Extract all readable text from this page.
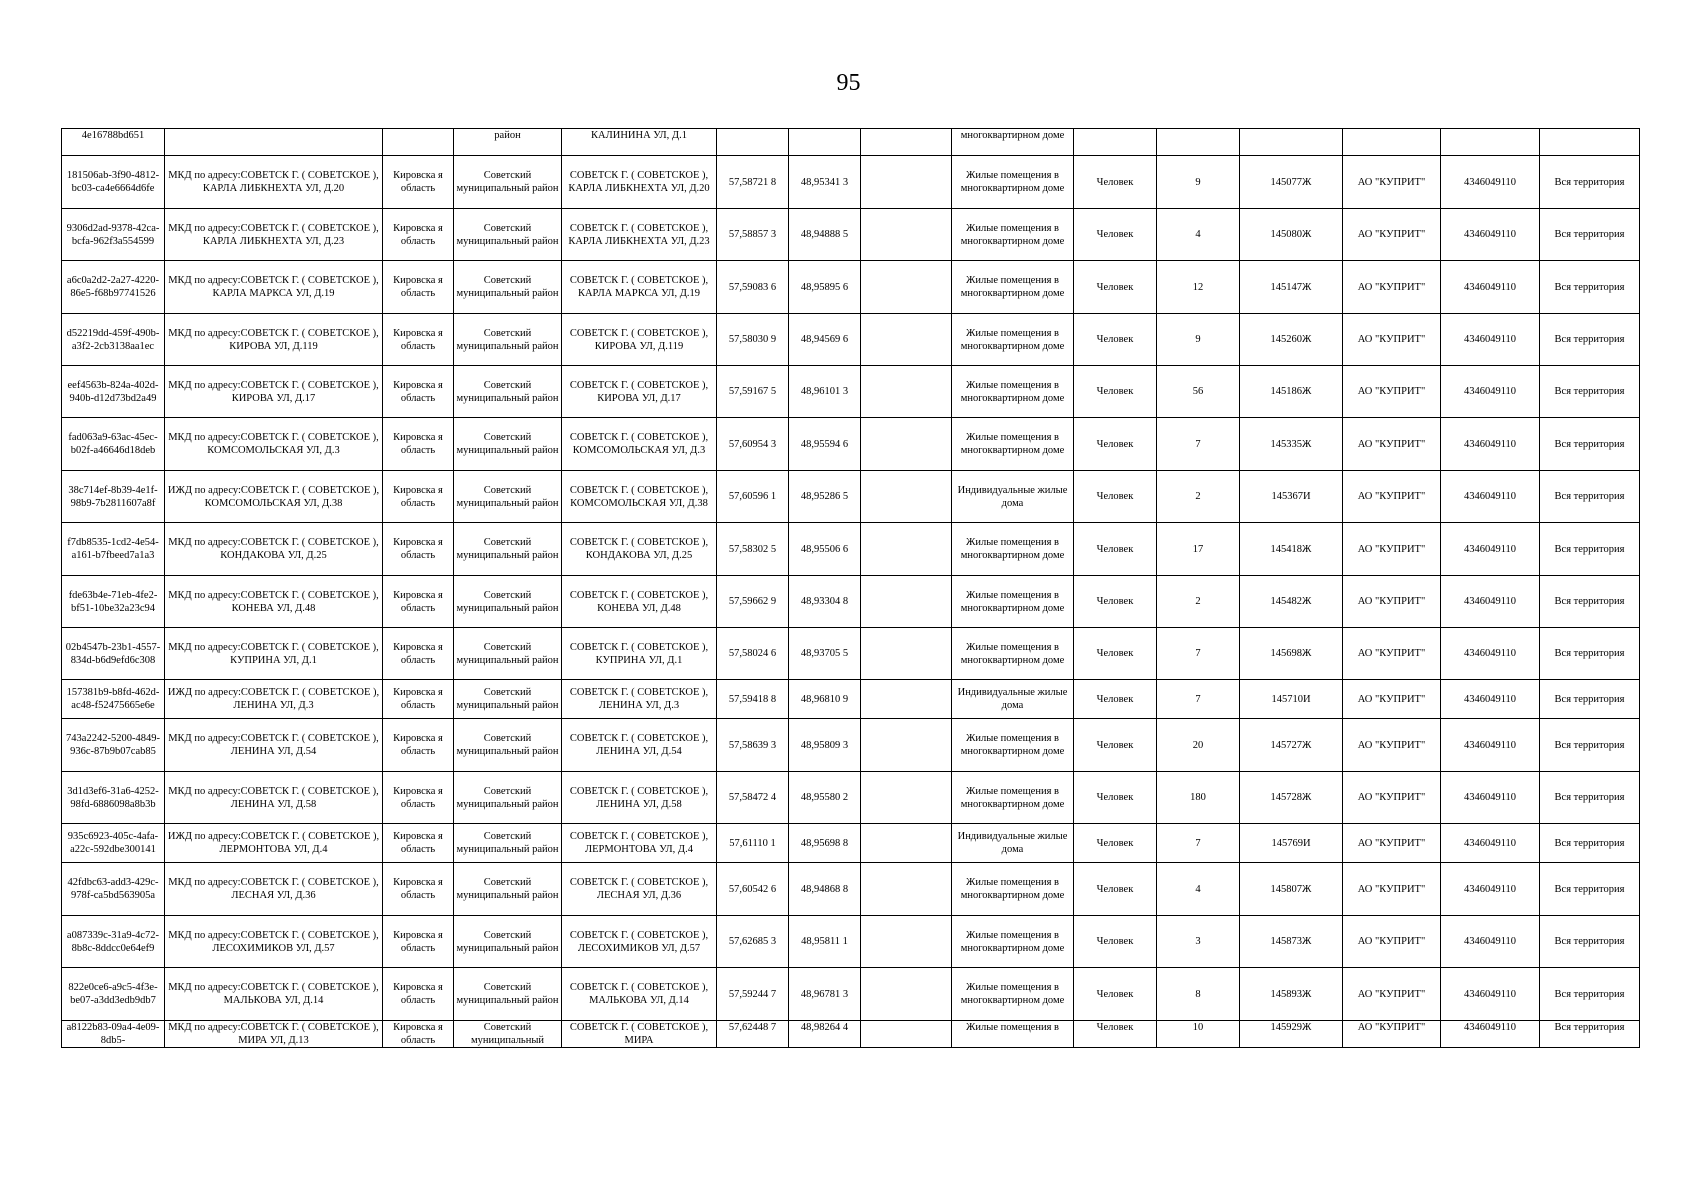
95
4e16788bd651			район	КАЛИНИНА УЛ, Д.1				многоквартирном доме						
181506ab-3f90-4812-bc03-ca4e6664d6fe	МКД по адресу:СОВЕТСК Г. ( СОВЕТСКОЕ ), КАРЛА ЛИБКНЕХТА УЛ, Д.20	Кировска я область	Советский муниципальный район	СОВЕТСК Г. ( СОВЕТСКОЕ ), КАРЛА ЛИБКНЕХТА УЛ, Д.20	57,58721 8	48,95341 3		Жилые помещения в многоквартирном доме	Человек	9	145077Ж	АО "КУПРИТ"	4346049110	Вся территория
9306d2ad-9378-42ca-bcfa-962f3a554599	МКД по адресу:СОВЕТСК Г. ( СОВЕТСКОЕ ), КАРЛА ЛИБКНЕХТА УЛ, Д.23	Кировска я область	Советский муниципальный район	СОВЕТСК Г. ( СОВЕТСКОЕ ), КАРЛА ЛИБКНЕХТА УЛ, Д.23	57,58857 3	48,94888 5		Жилые помещения в многоквартирном доме	Человек	4	145080Ж	АО "КУПРИТ"	4346049110	Вся территория
a6c0a2d2-2a27-4220-86e5-f68b97741526	МКД по адресу:СОВЕТСК Г. ( СОВЕТСКОЕ ), КАРЛА МАРКСА УЛ, Д.19	Кировска я область	Советский муниципальный район	СОВЕТСК Г. ( СОВЕТСКОЕ ), КАРЛА МАРКСА УЛ, Д.19	57,59083 6	48,95895 6		Жилые помещения в многоквартирном доме	Человек	12	145147Ж	АО "КУПРИТ"	4346049110	Вся территория
d52219dd-459f-490b-a3f2-2cb3138aa1ec	МКД по адресу:СОВЕТСК Г. ( СОВЕТСКОЕ ), КИРОВА УЛ, Д.119	Кировска я область	Советский муниципальный район	СОВЕТСК Г. ( СОВЕТСКОЕ ), КИРОВА УЛ, Д.119	57,58030 9	48,94569 6		Жилые помещения в многоквартирном доме	Человек	9	145260Ж	АО "КУПРИТ"	4346049110	Вся территория
eef4563b-824a-402d-940b-d12d73bd2a49	МКД по адресу:СОВЕТСК Г. ( СОВЕТСКОЕ ), КИРОВА УЛ, Д.17	Кировска я область	Советский муниципальный район	СОВЕТСК Г. ( СОВЕТСКОЕ ), КИРОВА УЛ, Д.17	57,59167 5	48,96101 3		Жилые помещения в многоквартирном доме	Человек	56	145186Ж	АО "КУПРИТ"	4346049110	Вся территория
fad063a9-63ac-45ec-b02f-a46646d18deb	МКД по адресу:СОВЕТСК Г. ( СОВЕТСКОЕ ), КОМСОМОЛЬСКАЯ УЛ, Д.3	Кировска я область	Советский муниципальный район	СОВЕТСК Г. ( СОВЕТСКОЕ ), КОМСОМОЛЬСКАЯ УЛ, Д.3	57,60954 3	48,95594 6		Жилые помещения в многоквартирном доме	Человек	7	145335Ж	АО "КУПРИТ"	4346049110	Вся территория
38c714ef-8b39-4e1f-98b9-7b2811607a8f	ИЖД по адресу:СОВЕТСК Г. ( СОВЕТСКОЕ ), КОМСОМОЛЬСКАЯ УЛ, Д.38	Кировска я область	Советский муниципальный район	СОВЕТСК Г. ( СОВЕТСКОЕ ), КОМСОМОЛЬСКАЯ УЛ, Д.38	57,60596 1	48,95286 5		Индивидуальные жилые дома	Человек	2	145367И	АО "КУПРИТ"	4346049110	Вся территория
f7db8535-1cd2-4e54-a161-b7fbeed7a1a3	МКД по адресу:СОВЕТСК Г. ( СОВЕТСКОЕ ), КОНДАКОВА УЛ, Д.25	Кировска я область	Советский муниципальный район	СОВЕТСК Г. ( СОВЕТСКОЕ ), КОНДАКОВА УЛ, Д.25	57,58302 5	48,95506 6		Жилые помещения в многоквартирном доме	Человек	17	145418Ж	АО "КУПРИТ"	4346049110	Вся территория
fde63b4e-71eb-4fe2-bf51-10be32a23c94	МКД по адресу:СОВЕТСК Г. ( СОВЕТСКОЕ ), КОНЕВА УЛ, Д.48	Кировска я область	Советский муниципальный район	СОВЕТСК Г. ( СОВЕТСКОЕ ), КОНЕВА УЛ, Д.48	57,59662 9	48,93304 8		Жилые помещения в многоквартирном доме	Человек	2	145482Ж	АО "КУПРИТ"	4346049110	Вся территория
02b4547b-23b1-4557-834d-b6d9efd6c308	МКД по адресу:СОВЕТСК Г. ( СОВЕТСКОЕ ), КУПРИНА УЛ, Д.1	Кировска я область	Советский муниципальный район	СОВЕТСК Г. ( СОВЕТСКОЕ ), КУПРИНА УЛ, Д.1	57,58024 6	48,93705 5		Жилые помещения в многоквартирном доме	Человек	7	145698Ж	АО "КУПРИТ"	4346049110	Вся территория
157381b9-b8fd-462d-ac48-f52475665e6e	ИЖД по адресу:СОВЕТСК Г. ( СОВЕТСКОЕ ), ЛЕНИНА УЛ, Д.3	Кировска я область	Советский муниципальный район	СОВЕТСК Г. ( СОВЕТСКОЕ ), ЛЕНИНА УЛ, Д.3	57,59418 8	48,96810 9		Индивидуальные жилые дома	Человек	7	145710И	АО "КУПРИТ"	4346049110	Вся территория
743a2242-5200-4849-936c-87b9b07cab85	МКД по адресу:СОВЕТСК Г. ( СОВЕТСКОЕ ), ЛЕНИНА УЛ, Д.54	Кировска я область	Советский муниципальный район	СОВЕТСК Г. ( СОВЕТСКОЕ ), ЛЕНИНА УЛ, Д.54	57,58639 3	48,95809 3		Жилые помещения в многоквартирном доме	Человек	20	145727Ж	АО "КУПРИТ"	4346049110	Вся территория
3d1d3ef6-31a6-4252-98fd-6886098a8b3b	МКД по адресу:СОВЕТСК Г. ( СОВЕТСКОЕ ), ЛЕНИНА УЛ, Д.58	Кировска я область	Советский муниципальный район	СОВЕТСК Г. ( СОВЕТСКОЕ ), ЛЕНИНА УЛ, Д.58	57,58472 4	48,95580 2		Жилые помещения в многоквартирном доме	Человек	180	145728Ж	АО "КУПРИТ"	4346049110	Вся территория
935c6923-405c-4afa-a22c-592dbe300141	ИЖД по адресу:СОВЕТСК Г. ( СОВЕТСКОЕ ), ЛЕРМОНТОВА УЛ, Д.4	Кировска я область	Советский муниципальный район	СОВЕТСК Г. ( СОВЕТСКОЕ ), ЛЕРМОНТОВА УЛ, Д.4	57,61110 1	48,95698 8		Индивидуальные жилые дома	Человек	7	145769И	АО "КУПРИТ"	4346049110	Вся территория
42fdbc63-add3-429c-978f-ca5bd563905a	МКД по адресу:СОВЕТСК Г. ( СОВЕТСКОЕ ), ЛЕСНАЯ УЛ, Д.36	Кировска я область	Советский муниципальный район	СОВЕТСК Г. ( СОВЕТСКОЕ ), ЛЕСНАЯ УЛ, Д.36	57,60542 6	48,94868 8		Жилые помещения в многоквартирном доме	Человек	4	145807Ж	АО "КУПРИТ"	4346049110	Вся территория
a087339c-31a9-4c72-8b8c-8ddcc0e64ef9	МКД по адресу:СОВЕТСК Г. ( СОВЕТСКОЕ ), ЛЕСОХИМИКОВ УЛ, Д.57	Кировска я область	Советский муниципальный район	СОВЕТСК Г. ( СОВЕТСКОЕ ), ЛЕСОХИМИКОВ УЛ, Д.57	57,62685 3	48,95811 1		Жилые помещения в многоквартирном доме	Человек	3	145873Ж	АО "КУПРИТ"	4346049110	Вся территория
822e0ce6-a9c5-4f3e-be07-a3dd3edb9db7	МКД по адресу:СОВЕТСК Г. ( СОВЕТСКОЕ ), МАЛЬКОВА УЛ, Д.14	Кировска я область	Советский муниципальный район	СОВЕТСК Г. ( СОВЕТСКОЕ ), МАЛЬКОВА УЛ, Д.14	57,59244 7	48,96781 3		Жилые помещения в многоквартирном доме	Человек	8	145893Ж	АО "КУПРИТ"	4346049110	Вся территория
a8122b83-09a4-4e09-8db5-	МКД по адресу:СОВЕТСК Г. ( СОВЕТСКОЕ ), МИРА УЛ, Д.13	Кировска я область	Советский муниципальный	СОВЕТСК Г. ( СОВЕТСКОЕ ), МИРА	57,62448 7	48,98264 4		Жилые помещения в	Человек	10	145929Ж	АО "КУПРИТ"	4346049110	Вся территория
